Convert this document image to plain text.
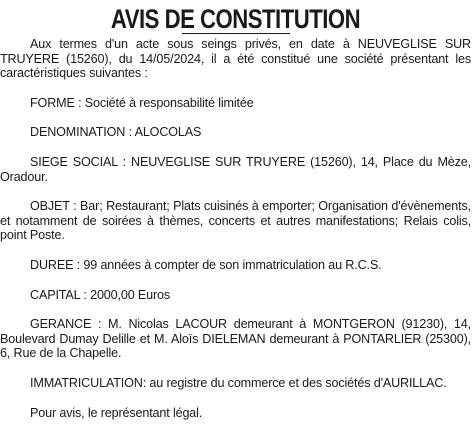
AVIS DE CONSTITUTION

Aux termes d'un acte sous seings privés, en date à NEUVEGLISE SUR TRUYERE (15260), du 14/05/2024, il a été constitué une société présentant les caractéristiques suivantes :

FORME : Société à responsabilité limitée

DENOMINATION : ALOCOLAS

SIEGE SOCIAL : NEUVEGLISE SUR TRUYERE (15260), 14, Place du Mèze, Oradour.

OBJET : Bar; Restaurant; Plats cuisinés à emporter; Organisation d'évènements, et notamment de soirées à thèmes, concerts et autres manifestations; Relais colis, point Poste.

DUREE : 99 années à compter de son immatriculation au R.C.S.

CAPITAL : 2000,00 Euros

GERANCE : M. Nicolas LACOUR demeurant à MONTGERON (91230), 14, Boulevard Dumay Delille et M. Aloïs DIELEMAN demeurant à PONTARLIER (25300), 6, Rue de la Chapelle.

IMMATRICULATION: au registre du commerce et des sociétés d'AURILLAC.

Pour avis, le représentant légal.
